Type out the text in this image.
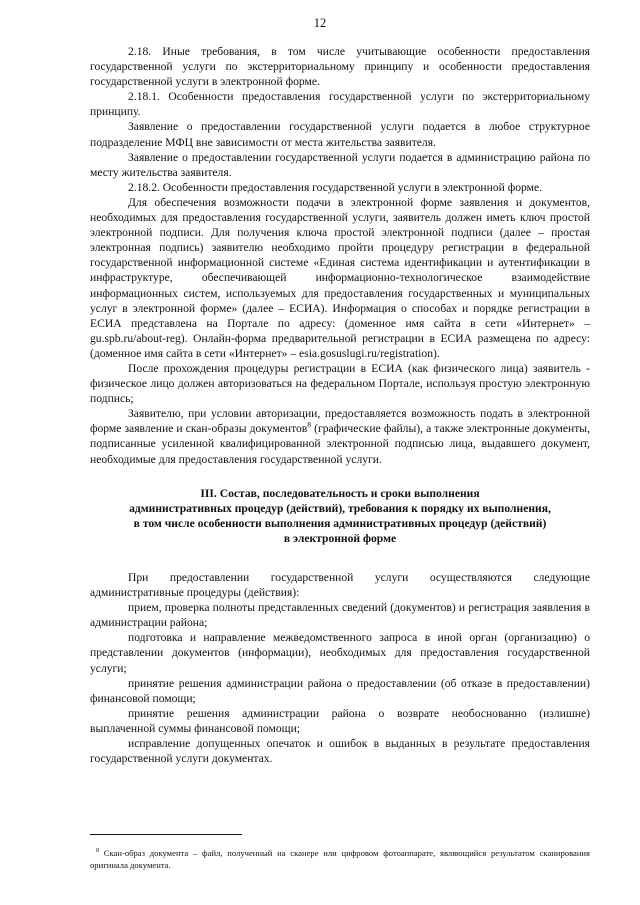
12

2.18. Иные требования, в том числе учитывающие особенности предоставления государственной услуги по экстерриториальному принципу и особенности предоставления государственной услуги в электронной форме.

2.18.1. Особенности предоставления государственной услуги по экстерриториальному принципу.

Заявление о предоставлении государственной услуги подается в любое структурное подразделение МФЦ вне зависимости от места жительства заявителя.

Заявление о предоставлении государственной услуги подается в администрацию района по месту жительства заявителя.

2.18.2. Особенности предоставления государственной услуги в электронной форме.

Для обеспечения возможности подачи в электронной форме заявления и документов, необходимых для предоставления государственной услуги, заявитель должен иметь ключ простой электронной подписи. Для получения ключа простой электронной подписи (далее – простая электронная подпись) заявителю необходимо пройти процедуру регистрации в федеральной государственной информационной системе «Единая система идентификации и аутентификации в инфраструктуре, обеспечивающей информационно-технологическое взаимодействие информационных систем, используемых для предоставления государственных и муниципальных услуг в электронной форме» (далее – ЕСИА). Информация о способах и порядке регистрации в ЕСИА представлена на Портале по адресу: (доменное имя сайта в сети «Интернет» – gu.spb.ru/about-reg). Онлайн-форма предварительной регистрации в ЕСИА размещена по адресу: (доменное имя сайта в сети «Интернет» – esia.gosuslugi.ru/registration).

После прохождения процедуры регистрации в ЕСИА (как физического лица) заявитель - физическое лицо должен авторизоваться на федеральном Портале, используя простую электронную подпись;

Заявителю, при условии авторизации, предоставляется возможность подать в электронной форме заявление и скан-образы документов$^8$ (графические файлы), а также электронные документы, подписанные усиленной квалифицированной электронной подписью лица, выдавшего документ, необходимые для предоставления государственной услуги.

III. Состав, последовательность и сроки выполнения
административных процедур (действий), требования к порядку их выполнения,
в том числе особенности выполнения административных процедур (действий)
в электронной форме

При предоставлении государственной услуги осуществляются следующие административные процедуры (действия):

прием, проверка полноты представленных сведений (документов) и регистрация заявления в администрации района;

подготовка и направление межведомственного запроса в иной орган (организацию) о представлении документов (информации), необходимых для предоставления государственной услуги;

принятие решения администрации района о предоставлении (об отказе в предоставлении) финансовой помощи;

принятие решения администрации района о возврате необоснованно (излишне) выплаченной суммы финансовой помощи;

исправление допущенных опечаток и ошибок в выданных в результате предоставления государственной услуги документах.

$^8$ Скан-образ документа – файл, полученный на сканере или цифровом фотоаппарате, являющийся результатом сканирования оригинала документа.
